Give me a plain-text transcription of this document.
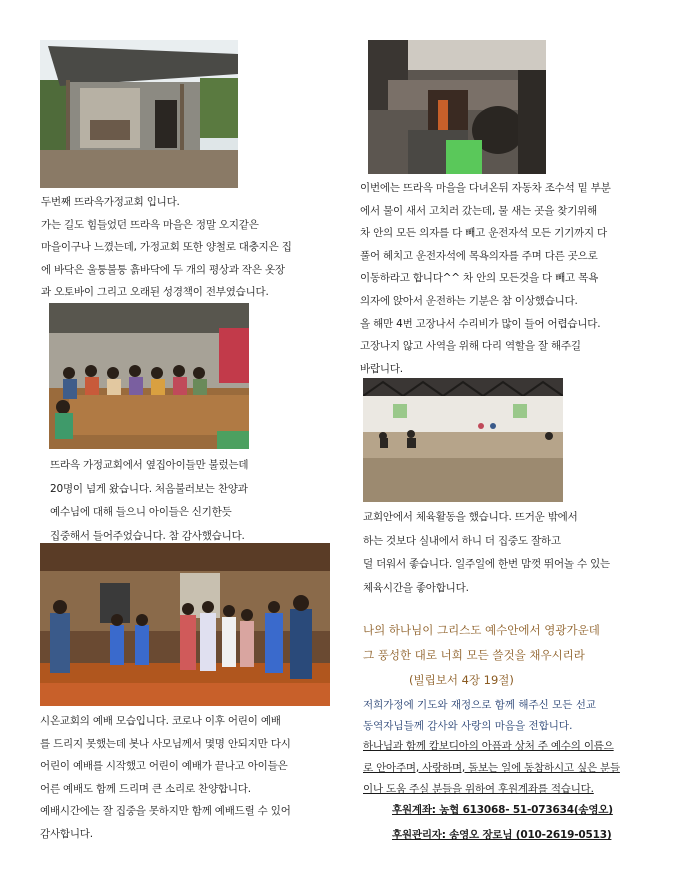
두번째 뜨라윽가정교회 입니다.
가는 길도 힘들었던 뜨라윽 마을은 정말 오지같은
마을이구나 느꼈는데, 가정교회 또한 양철로 대충지은 집
에 바닥은 울퉁불퉁 흙바닥에 두 개의 평상과 작은 옷장
과 오토바이 그리고 오래된 성경책이 전부였습니다.
뜨라윽 가정교회에서 옆집아이들만 불렀는데
20명이 넘게 왔습니다. 처음불러보는 찬양과
예수님에 대해 들으니 아이들은 신기한듯
집중해서 들어주었습니다. 참 감사했습니다.
시온교회의 예배 모습입니다. 코로나 이후 어린이 예배
를 드리지 못했는데 봇나 사모님께서 몇명 안되지만 다시
어린이 예배를 시작했고 어린이 예배가 끝나고 아이들은
어른 예배도 함께 드리며 큰 소리로 찬양합니다.
예배시간에는 잘 집중을 못하지만 함께 예배드릴 수 있어
감사합니다.
이번에는 뜨라윽 마을을 다녀온뒤 자동차 조수석 밑 부분
에서 물이 새서 고치러 갔는데, 물 새는 곳을 찾기위해
차 안의 모든 의자를 다 빼고 운전자석 모든 기기까지 다
풀어 헤치고 운전자석에 목욕의자를 주며 다른 곳으로
이동하라고 합니다^^ 차 안의 모든것을 다 빼고 목욕
의자에 앉아서 운전하는 기분은 참 이상했습니다.
올 해만 4번 고장나서 수리비가 많이 들어 어렵습니다.
고장나지 않고 사역을 위해 다리 역할을 잘 해주길
바랍니다.
교회안에서 체육활동을 했습니다. 뜨거운 밖에서
하는 것보다 실내에서 하니 더 집중도 잘하고
덜 더워서 좋습니다. 일주일에 한번 맘껏 뛰어놀 수 있는
체육시간을 좋아합니다.
나의 하나님이 그리스도 예수안에서 영광가운데
그 풍성한 대로 너희 모든 쓸것을 채우시리라
(빌립보서 4장 19절)
저희가정에 기도와 재정으로 함께 해주신 모든 선교
동역자님들께 감사와 사랑의 마음을 전합니다.
하나님과 함께 캄보디아의 아픔과 상처 주 예수의 이름으
로 안아주며, 사랑하며, 돌보는 일에 동참하시고 싶은 분들
이나 도움 주실 분들을 위하여 후원계좌를 적습니다.
후원계좌: 농협 613068- 51-073634(송영오)
후원관리자: 송영오 장로님 (010-2619-0513)
